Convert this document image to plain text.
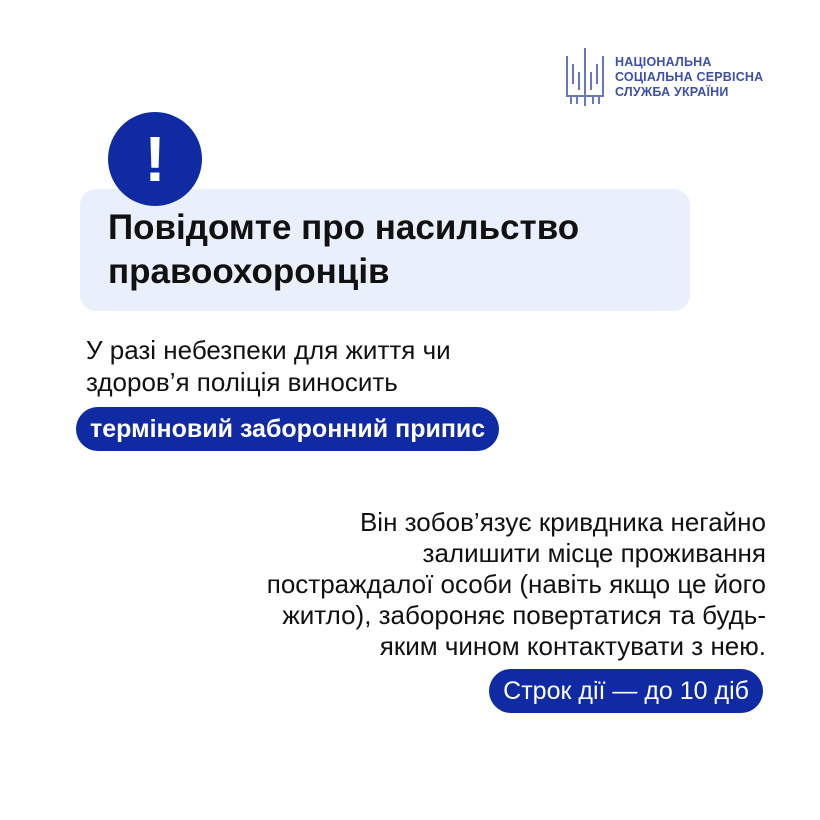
НАЦІОНАЛЬНА
СОЦІАЛЬНА СЕРВІСНА
СЛУЖБА УКРАЇНИ
!
Повідомте про насильство
правоохоронців
У разі небезпеки для життя чи
здоров’я поліція виносить
терміновий заборонний припис
Він зобов’язує кривдника негайно
залишити місце проживання
постраждалої особи (навіть якщо це його
житло), забороняє повертатися та будь-
яким чином контактувати з нею.
Строк дії — до 10 діб
